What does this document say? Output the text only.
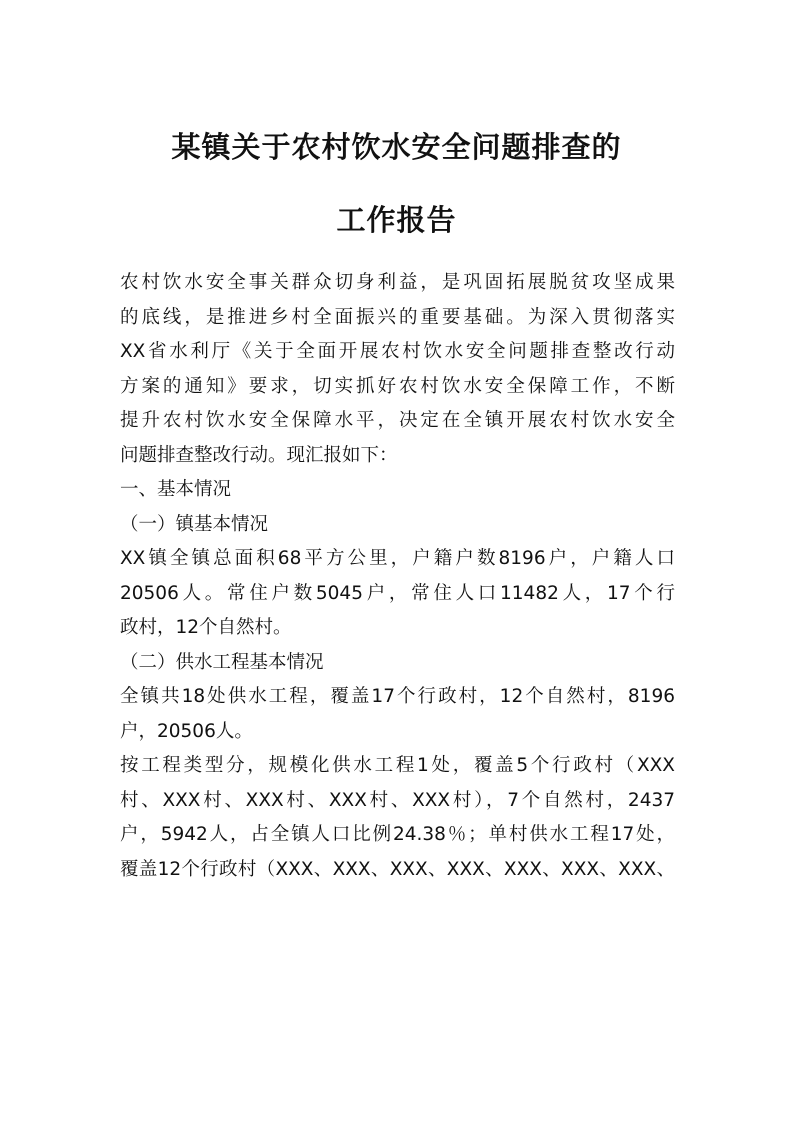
某镇关于农村饮水安全问题排查的
工作报告
农村饮水安全事关群众切身利益，是巩固拓展脱贫攻坚成果
的底线，是推进乡村全面振兴的重要基础。为深入贯彻落实
XX省水利厅《关于全面开展农村饮水安全问题排查整改行动
方案的通知》要求，切实抓好农村饮水安全保障工作，不断
提升农村饮水安全保障水平，决定在全镇开展农村饮水安全
问题排查整改行动。现汇报如下：
一、基本情况
（一）镇基本情况
XX镇全镇总面积68平方公里，户籍户数8196户，户籍人口
20506人。常住户数5045户，常住人口11482人，17个行
政村，12个自然村。
（二）供水工程基本情况
全镇共18处供水工程，覆盖17个行政村，12个自然村，8196
户，20506人。
按工程类型分，规模化供水工程1处，覆盖5个行政村（XXX
村、XXX村、XXX村、XXX村、XXX村），7个自然村，2437
户，5942人，占全镇人口比例24.38％；单村供水工程17处，
覆盖12个行政村（XXX、XXX、XXX、XXX、XXX、XXX、XXX、
